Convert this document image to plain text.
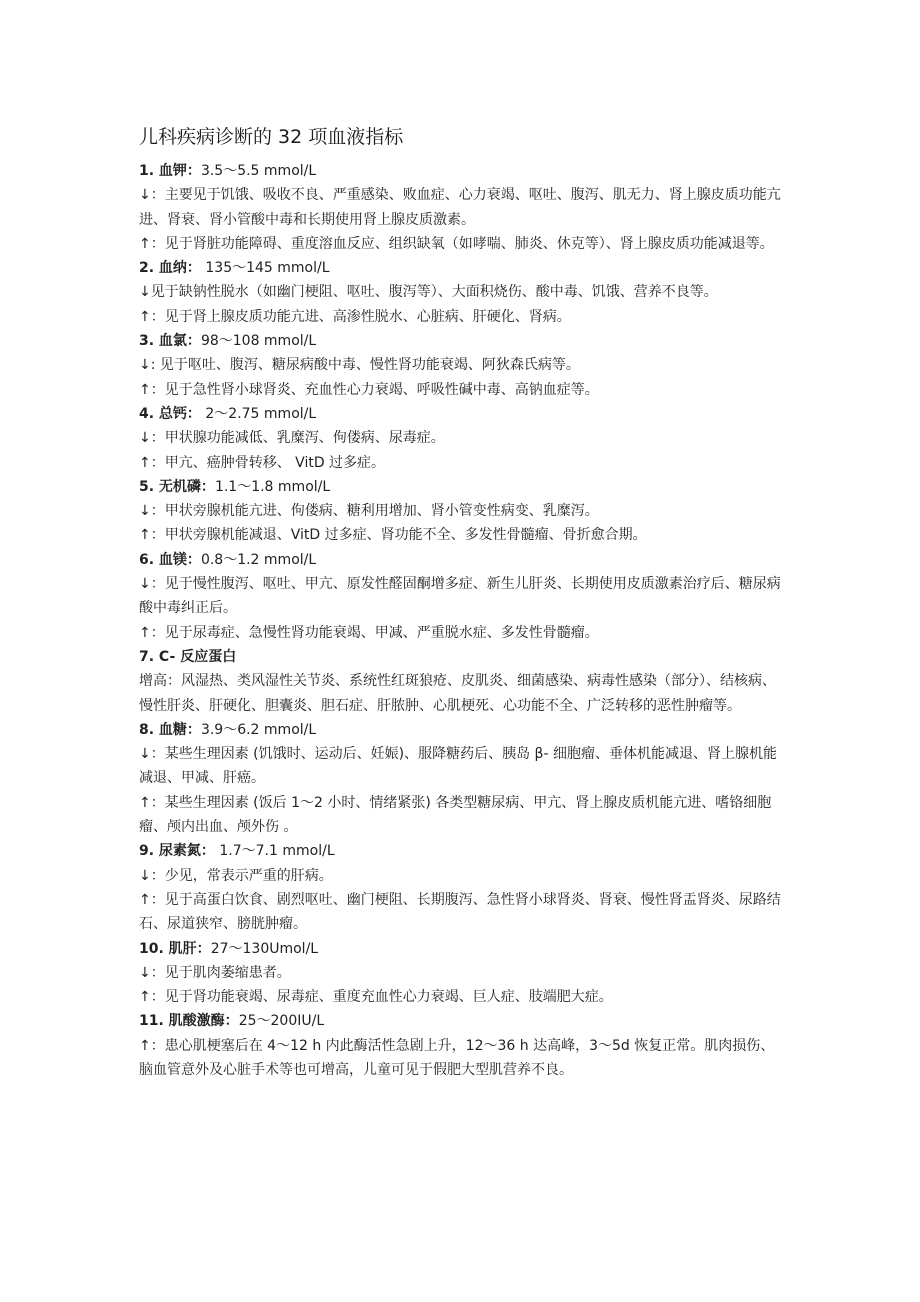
儿科疾病诊断的 32 项血液指标

1. 血钾：3.5～5.5 mmol/L

↓：主要见于饥饿、吸收不良、严重感染、败血症、心力衰竭、呕吐、腹泻、肌无力、肾上腺皮质功能亢进、肾衰、肾小管酸中毒和长期使用肾上腺皮质激素。

↑：见于肾脏功能障碍、重度溶血反应、组织缺氧（如哮喘、肺炎、休克等）、肾上腺皮质功能减退等。

2. 血纳： 135～145 mmol/L

↓见于缺钠性脱水（如幽门梗阻、呕吐、腹泻等）、大面积烧伤、酸中毒、饥饿、营养不良等。

↑：见于肾上腺皮质功能亢进、高渗性脱水、心脏病、肝硬化、肾病。

3. 血氯：98～108 mmol/L

↓: 见于呕吐、腹泻、糖尿病酸中毒、慢性肾功能衰竭、阿狄森氏病等。

↑：见于急性肾小球肾炎、充血性心力衰竭、呼吸性碱中毒、高钠血症等。

4. 总钙： 2～2.75 mmol/L

↓：甲状腺功能减低、乳糜泻、佝偻病、尿毒症。

↑：甲亢、癌肿骨转移、 VitD 过多症。

5. 无机磷：1.1～1.8 mmol/L

↓：甲状旁腺机能亢进、佝偻病、糖利用增加、肾小管变性病变、乳糜泻。

↑：甲状旁腺机能减退、VitD 过多症、肾功能不全、多发性骨髓瘤、骨折愈合期。

6. 血镁：0.8～1.2 mmol/L

↓：见于慢性腹泻、呕吐、甲亢、原发性醛固酮增多症、新生儿肝炎、长期使用皮质激素治疗后、糖尿病酸中毒纠正后。

↑：见于尿毒症、急慢性肾功能衰竭、甲减、严重脱水症、多发性骨髓瘤。

7. C- 反应蛋白

增高：风湿热、类风湿性关节炎、系统性红斑狼疮、皮肌炎、细菌感染、病毒性感染（部分）、结核病、慢性肝炎、肝硬化、胆囊炎、胆石症、肝脓肿、心肌梗死、心功能不全、广泛转移的恶性肿瘤等。

8. 血糖：3.9～6.2 mmol/L

↓：某些生理因素 (饥饿时、运动后、妊娠)、服降糖药后、胰岛 β- 细胞瘤、垂体机能减退、肾上腺机能减退、甲减、肝癌。

↑：某些生理因素 (饭后 1～2 小时、情绪紧张) 各类型糖尿病、甲亢、肾上腺皮质机能亢进、嗜铬细胞瘤、颅内出血、颅外伤 。

9. 尿素氮： 1.7～7.1 mmol/L

↓：少见，常表示严重的肝病。

↑：见于高蛋白饮食、剧烈呕吐、幽门梗阻、长期腹泻、急性肾小球肾炎、肾衰、慢性肾盂肾炎、尿路结石、尿道狭窄、膀胱肿瘤。

10. 肌肝：27～130Umol/L

↓：见于肌肉萎缩患者。

↑：见于肾功能衰竭、尿毒症、重度充血性心力衰竭、巨人症、肢端肥大症。

11. 肌酸激酶：25～200IU/L

↑：患心肌梗塞后在 4～12 h 内此酶活性急剧上升，12～36 h 达高峰，3～5d 恢复正常。肌肉损伤、脑血管意外及心脏手术等也可增高，儿童可见于假肥大型肌营养不良。
